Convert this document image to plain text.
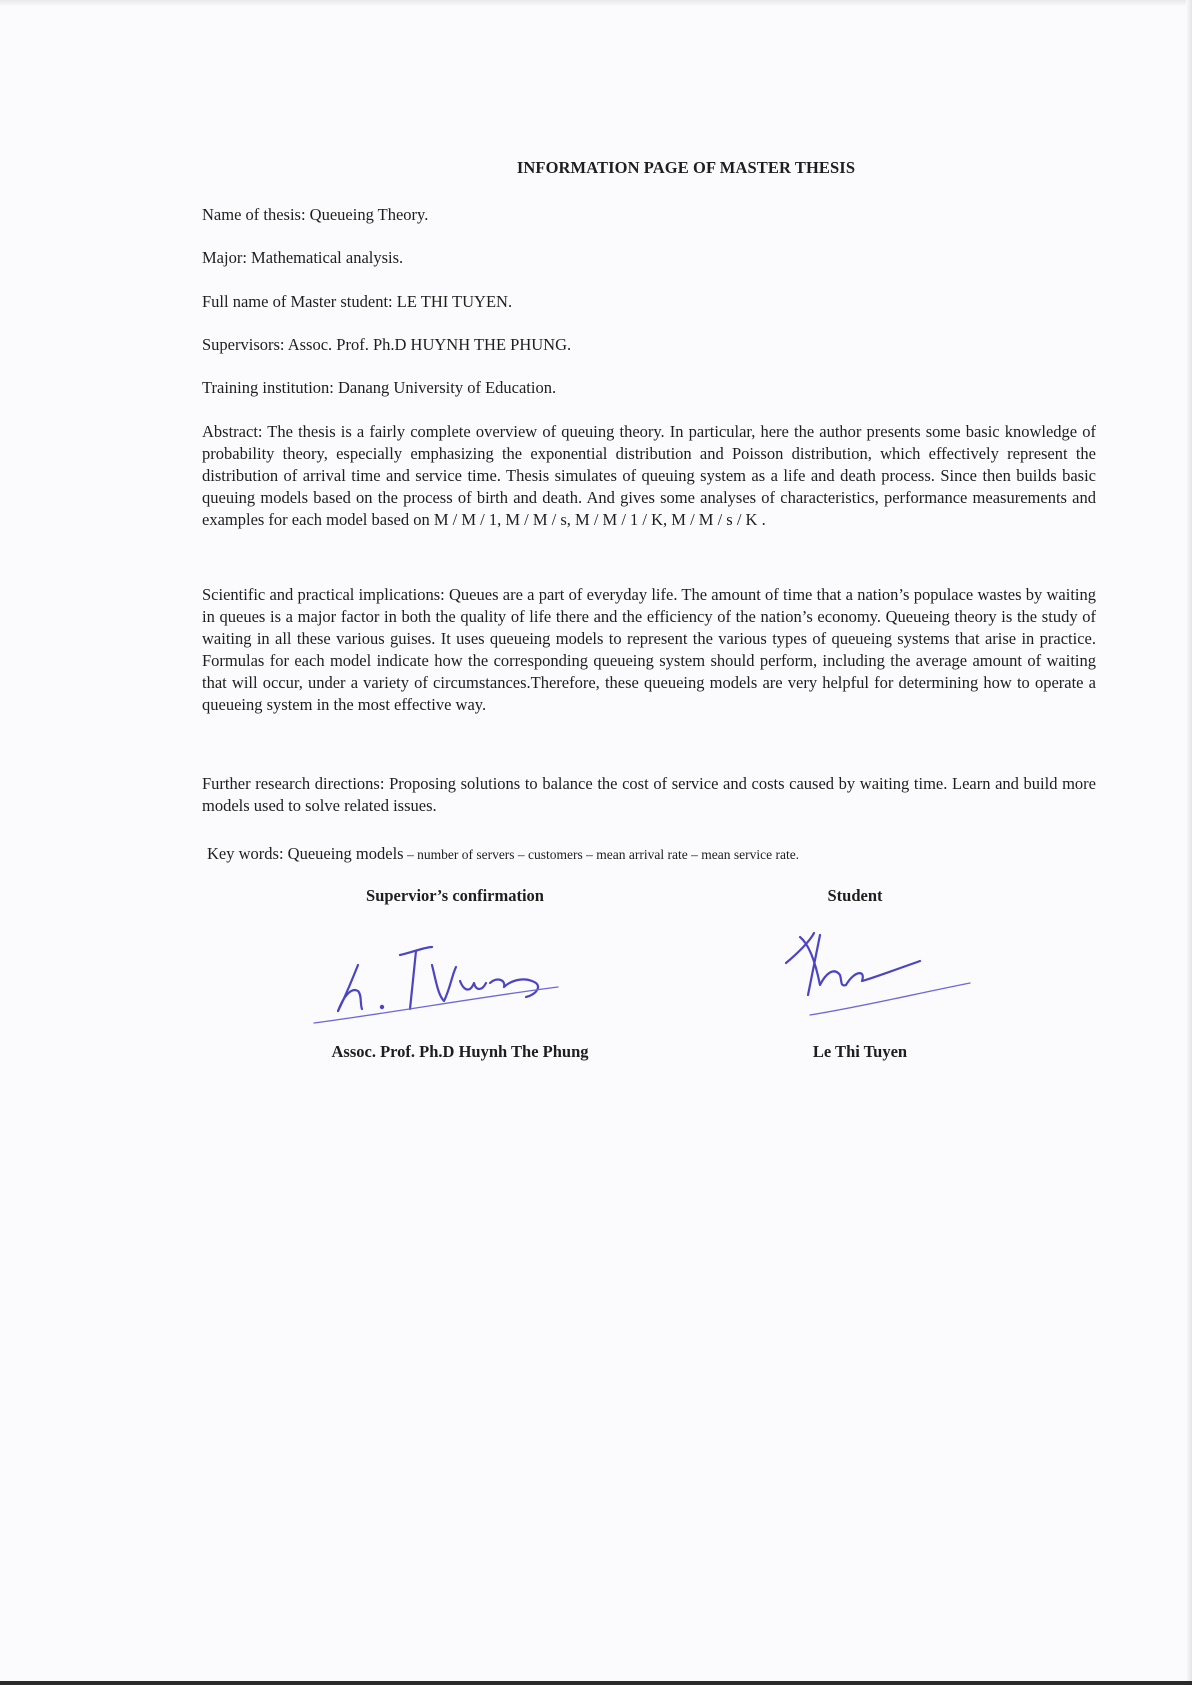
INFORMATION PAGE OF MASTER THESIS
Name of thesis: Queueing Theory.
Major: Mathematical analysis.
Full name of Master student: LE THI TUYEN.
Supervisors: Assoc. Prof. Ph.D HUYNH THE PHUNG.
Training institution: Danang University of Education.
Abstract: The thesis is a fairly complete overview of queuing theory. In particular, here the author presents some basic knowledge of probability theory, especially emphasizing the exponential distribution and Poisson distribution, which effectively represent the distribution of arrival time and service time. Thesis simulates of queuing system as a life and death process. Since then builds basic queuing models based on the process of birth and death. And gives some analyses of characteristics, performance measurements and examples for each model based on M / M / 1, M / M / s, M / M / 1 / K, M / M / s / K .
Scientific and practical implications: Queues are a part of everyday life. The amount of time that a nation’s populace wastes by waiting in queues is a major factor in both the quality of life there and the efficiency of the nation’s economy. Queueing theory is the study of waiting in all these various guises. It uses queueing models to represent the various types of queueing systems that arise in practice. Formulas for each model indicate how the corresponding queueing system should perform, including the average amount of waiting that will occur, under a variety of circumstances.Therefore, these queueing models are very helpful for determining how to operate a queueing system in the most effective way.
Further research directions: Proposing solutions to balance the cost of service and costs caused by waiting time. Learn and build more models used to solve related issues.
Key words: Queueing models – number of servers – customers – mean arrival rate – mean service rate.
Supervior’s confirmation	Student
Assoc. Prof. Ph.D Huynh The Phung	Le Thi Tuyen
